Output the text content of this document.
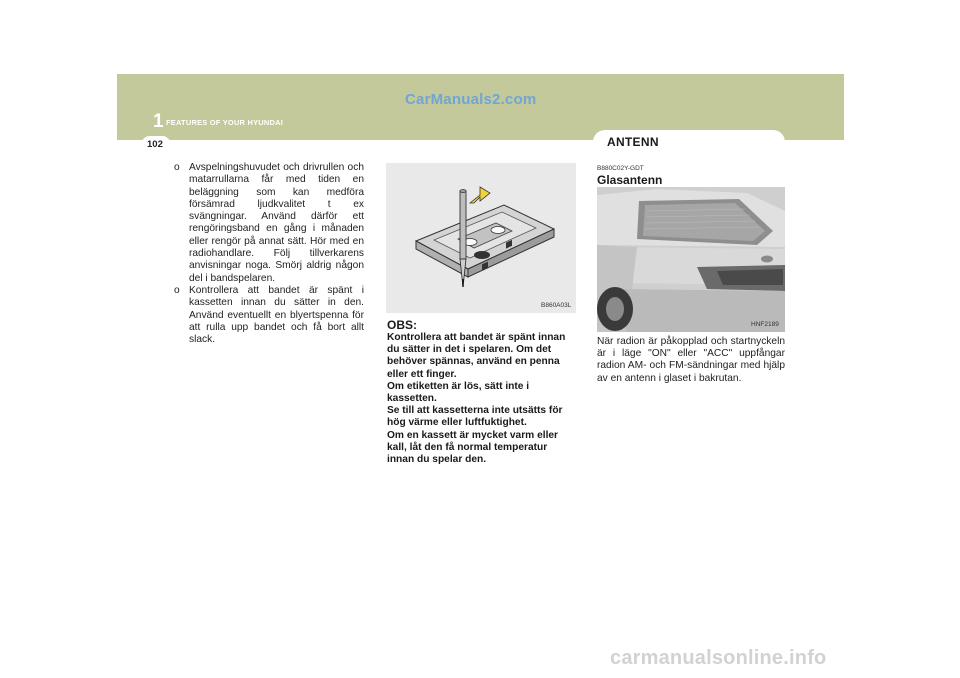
CarManuals2.com
1 FEATURES OF YOUR HYUNDAI
102	ANTENN
o Avspelningshuvudet och drivrullen och matarrullarna får med tiden en beläggning som kan medföra försämrad ljudkvalitet t ex svängningar. Använd därför ett rengöringsband en gång i månaden eller rengör på annat sätt. Hör med en radiohandlare. Följ tillverkarens anvisningar noga. Smörj aldrig någon del i bandspelaren.
o Kontrollera att bandet är spänt i kassetten innan du sätter in den. Använd eventuellt en blyertspenna för att rulla upp bandet och få bort allt slack.
B860A03L
OBS:
Kontrollera att bandet är spänt innan du sätter in det i spelaren. Om det behöver spännas, använd en penna eller ett finger.
Om etiketten är lös, sätt inte i kassetten.
Se till att kassetterna inte utsätts för hög värme eller luftfuktighet.
Om en kassett är mycket varm eller kall, låt den få normal temperatur innan du spelar den.
B880C02Y-GDT
Glasantenn
HNF2189
När radion är påkopplad och startnyckeln är i läge "ON" eller "ACC" uppfångar radion AM- och FM-sändningar med hjälp av en antenn i glaset i bakrutan.
carmanualsonline.info
